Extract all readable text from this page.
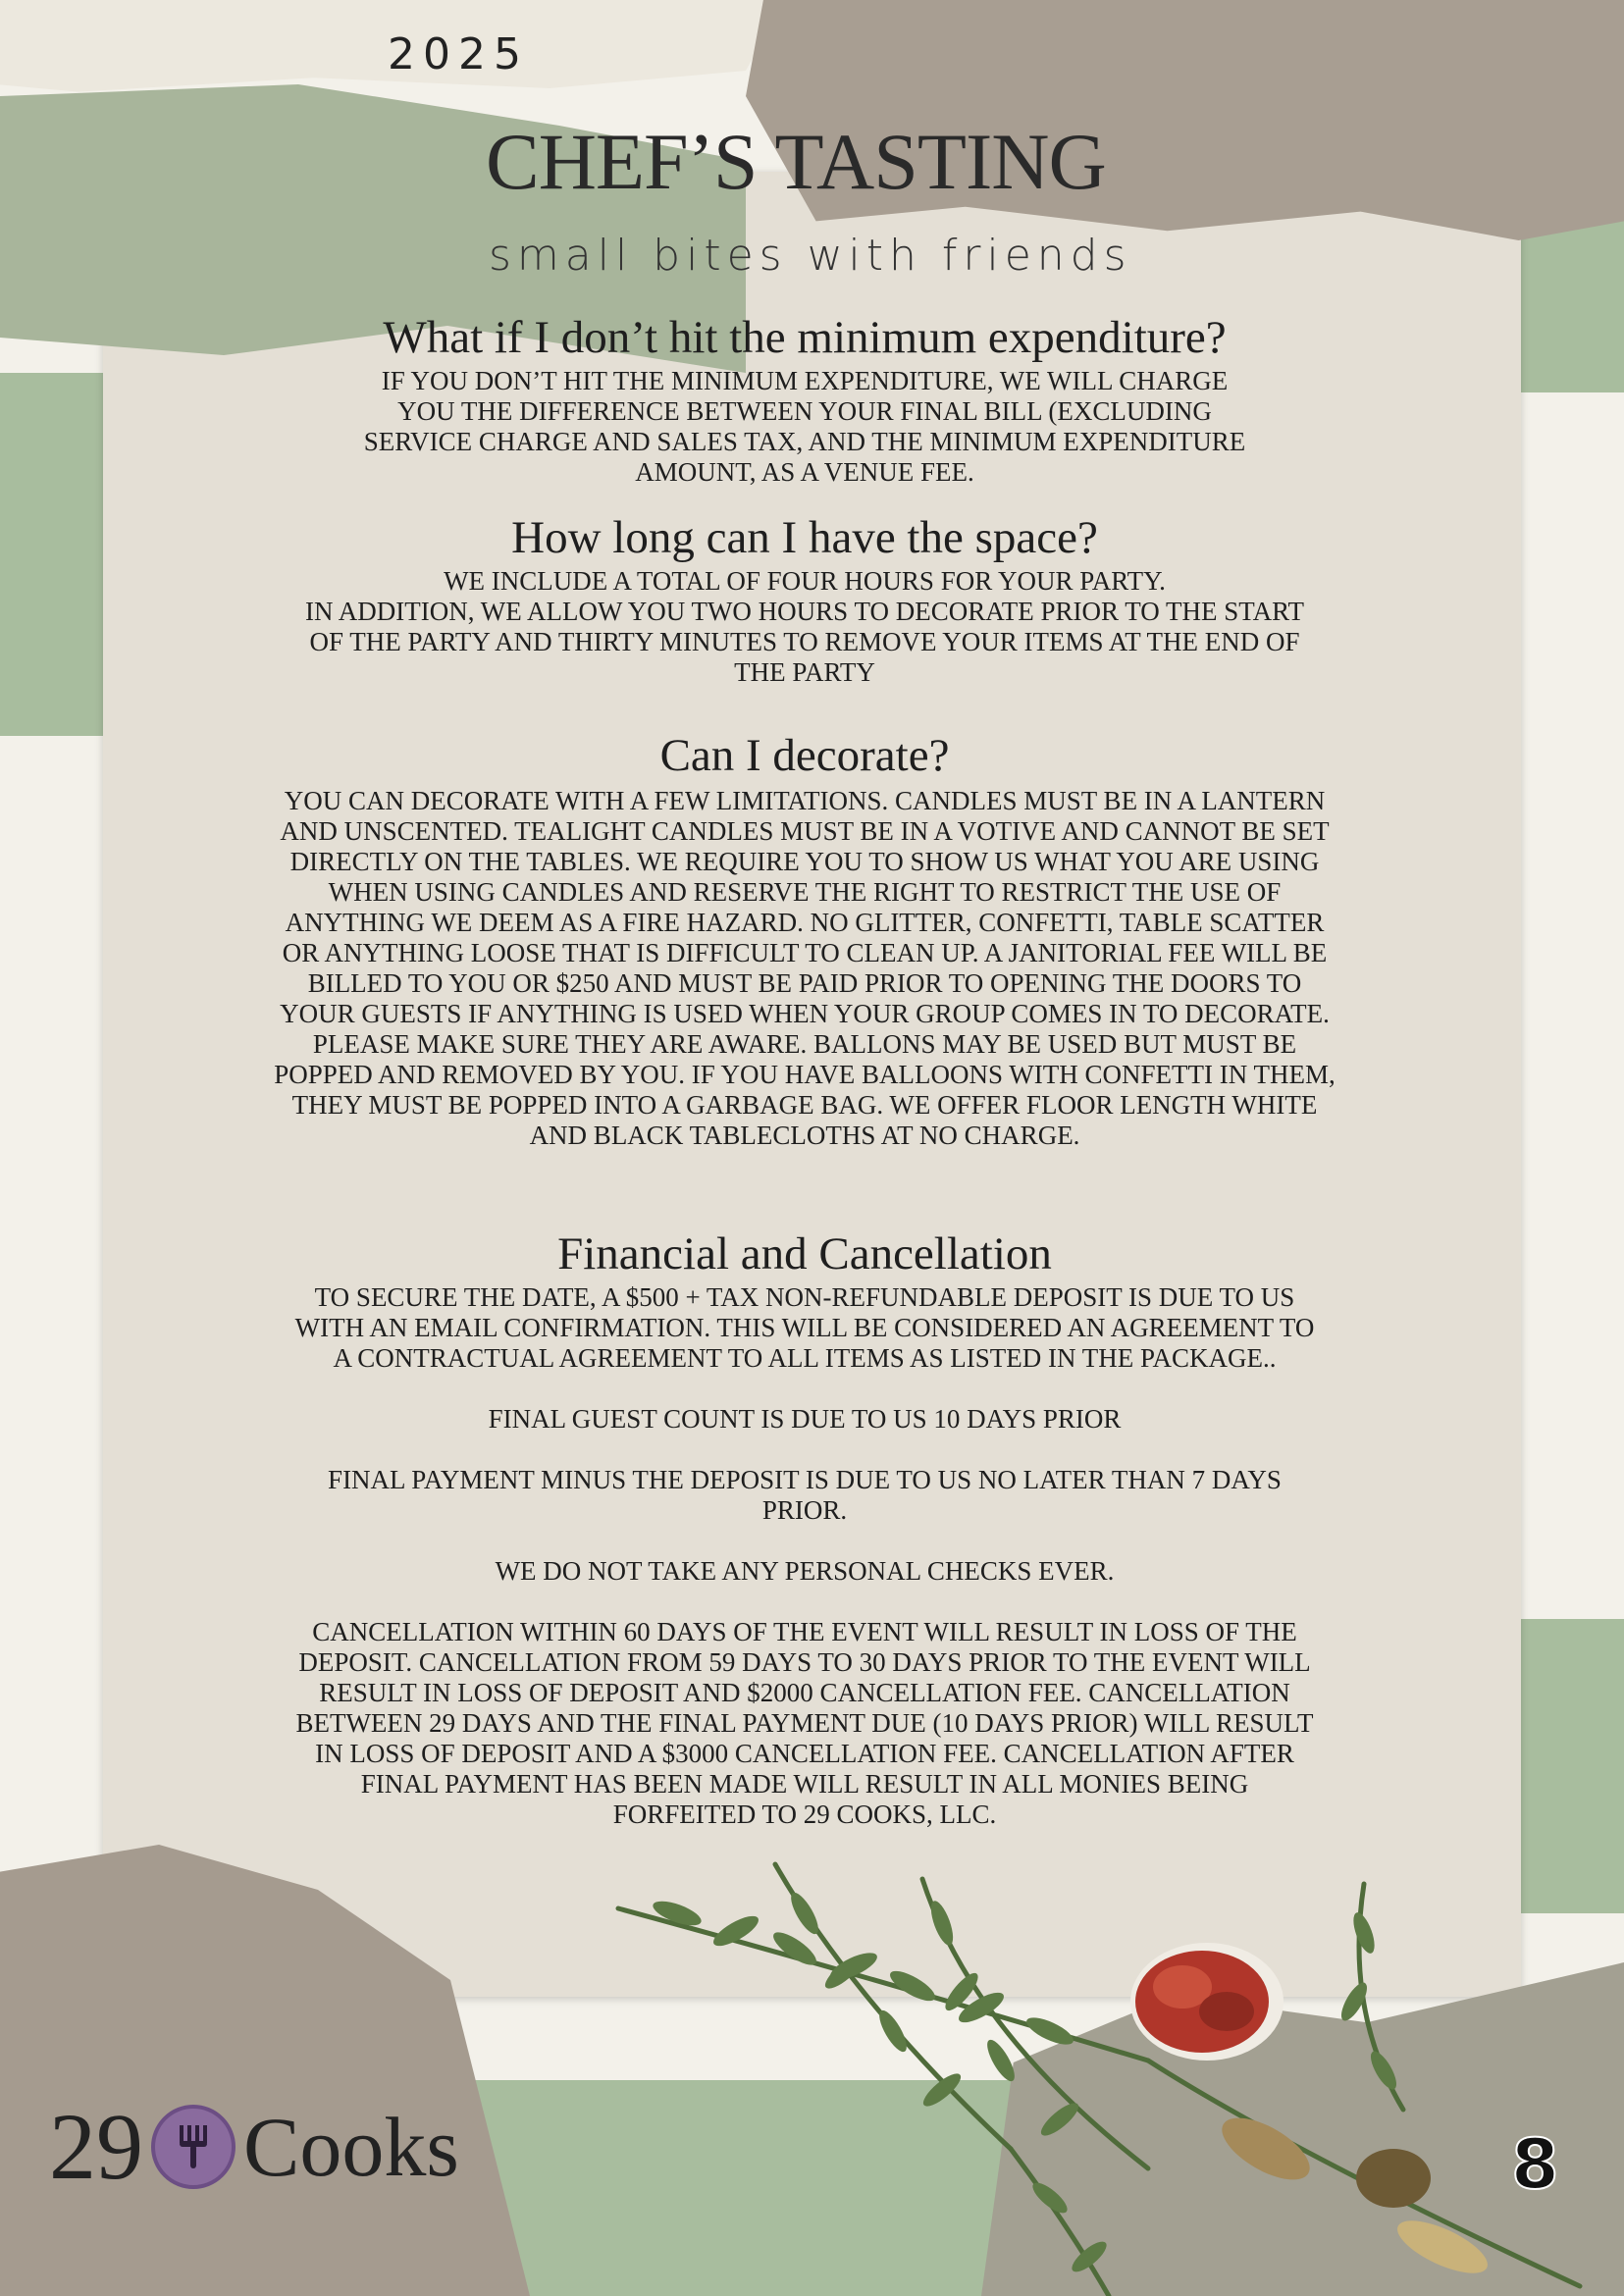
2025
CHEF’S TASTING
small bites with friends
What if I don’t hit the minimum expenditure?

IF YOU DON’T HIT THE MINIMUM EXPENDITURE, WE WILL CHARGE
YOU THE DIFFERENCE BETWEEN YOUR FINAL BILL (EXCLUDING
SERVICE CHARGE AND SALES TAX, AND THE MINIMUM EXPENDITURE
AMOUNT, AS A VENUE FEE.

How long can I have the space?

WE INCLUDE A TOTAL OF FOUR HOURS FOR YOUR PARTY.
IN ADDITION, WE ALLOW YOU TWO HOURS TO DECORATE PRIOR TO THE START
OF THE PARTY AND THIRTY MINUTES TO REMOVE YOUR ITEMS AT THE END OF
THE PARTY

Can I decorate?

YOU CAN DECORATE WITH A FEW LIMITATIONS. CANDLES MUST BE IN A LANTERN
AND UNSCENTED. TEALIGHT CANDLES MUST BE IN A VOTIVE AND CANNOT BE SET
DIRECTLY ON THE TABLES. WE REQUIRE YOU TO SHOW US WHAT YOU ARE USING
WHEN USING CANDLES AND RESERVE THE RIGHT TO RESTRICT THE USE OF
ANYTHING WE DEEM AS A FIRE HAZARD. NO GLITTER, CONFETTI, TABLE SCATTER
OR ANYTHING LOOSE THAT IS DIFFICULT TO CLEAN UP. A JANITORIAL FEE WILL BE
BILLED TO YOU OR $250 AND MUST BE PAID PRIOR TO OPENING THE DOORS TO
YOUR GUESTS IF ANYTHING IS USED WHEN YOUR GROUP COMES IN TO DECORATE.
PLEASE MAKE SURE THEY ARE AWARE. BALLONS MAY BE USED BUT MUST BE
POPPED AND REMOVED BY YOU. IF YOU HAVE BALLOONS WITH CONFETTI IN THEM,
THEY MUST BE POPPED INTO A GARBAGE BAG. WE OFFER FLOOR LENGTH WHITE
AND BLACK TABLECLOTHS AT NO CHARGE.

Financial and Cancellation

TO SECURE THE DATE, A $500 + TAX NON-REFUNDABLE DEPOSIT IS DUE TO US
WITH AN EMAIL CONFIRMATION. THIS WILL BE CONSIDERED AN AGREEMENT TO
A CONTRACTUAL AGREEMENT TO ALL ITEMS AS LISTED IN THE PACKAGE..

FINAL GUEST COUNT IS DUE TO US 10 DAYS PRIOR

FINAL PAYMENT MINUS THE DEPOSIT IS DUE TO US NO LATER THAN 7 DAYS
PRIOR.

WE DO NOT TAKE ANY PERSONAL CHECKS EVER.

CANCELLATION WITHIN 60 DAYS OF THE EVENT WILL RESULT IN LOSS OF THE
DEPOSIT. CANCELLATION FROM 59 DAYS TO 30 DAYS PRIOR TO THE EVENT WILL
RESULT IN LOSS OF DEPOSIT AND $2000 CANCELLATION FEE. CANCELLATION
BETWEEN 29 DAYS AND THE FINAL PAYMENT DUE (10 DAYS PRIOR) WILL RESULT
IN LOSS OF DEPOSIT AND A $3000 CANCELLATION FEE. CANCELLATION AFTER
FINAL PAYMENT HAS BEEN MADE WILL RESULT IN ALL MONIES BEING
FORFEITED TO 29 COOKS, LLC.

29 Cooks	8
